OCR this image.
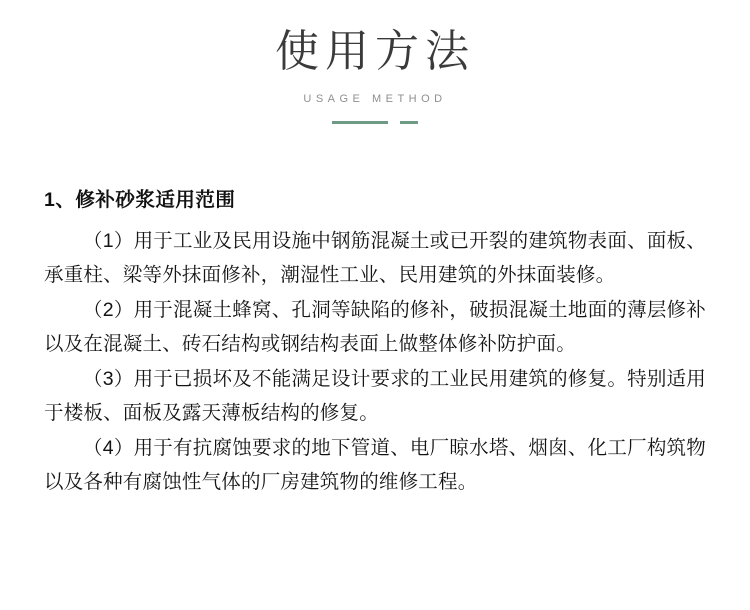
使用方法
USAGE METHOD
1、修补砂浆适用范围

（1）用于工业及民用设施中钢筋混凝土或已开裂的建筑物表面、面板、承重柱、梁等外抹面修补，潮湿性工业、民用建筑的外抹面装修。

（2）用于混凝土蜂窝、孔洞等缺陷的修补，破损混凝土地面的薄层修补以及在混凝土、砖石结构或钢结构表面上做整体修补防护面。

（3）用于已损坏及不能满足设计要求的工业民用建筑的修复。特别适用于楼板、面板及露天薄板结构的修复。

（4）用于有抗腐蚀要求的地下管道、电厂晾水塔、烟囱、化工厂构筑物以及各种有腐蚀性气体的厂房建筑物的维修工程。
